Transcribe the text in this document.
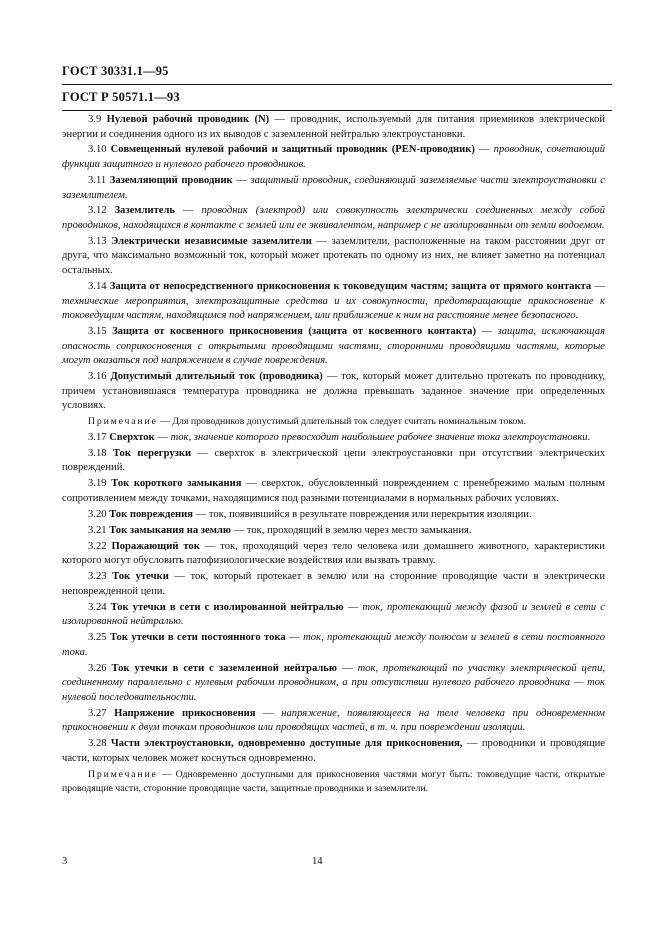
ГОСТ 30331.1—95
ГОСТ Р 50571.1—93

3.9 Нулевой рабочий проводник (N) — проводник, используемый для питания приемников электрической энергии и соединения одного из их выводов с заземленной нейтралью электроустановки.

3.10 Совмещенный нулевой рабочий и защитный проводник (PEN-проводник) — проводник, сочетающий функции защитного и нулевого рабочего проводников.

3.11 Заземляющий проводник — защитный проводник, соединяющий заземляемые части электроустановки с заземлителем.

3.12 Заземлитель — проводник (электрод) или совокупность электрически соединенных между собой проводников, находящихся в контакте с землей или ее эквивалентом, например с не изолированным от земли водоемом.

3.13 Электрически независимые заземлители — заземлители, расположенные на таком расстоянии друг от друга, что максимально возможный ток, который может протекать по одному из них, не влияет заметно на потенциал остальных.

3.14 Защита от непосредственного прикосновения к токоведущим частям; защита от прямого контакта — технические мероприятия, электрозащитные средства и их совокупности, предотвращающие прикосновение к токоведущим частям, находящимся под напряжением, или приближение к ним на расстояние менее безопасного.

3.15 Защита от косвенного прикосновения (защита от косвенного контакта) — защита, исключающая опасность соприкосновения с открытыми проводящими частями, сторонними проводящими частями, которые могут оказаться под напряжением в случае повреждения.

3.16 Допустимый длительный ток (проводника) — ток, который может длительно протекать по проводнику, причем установившаяся температура проводника не должна превышать заданное значение при определенных условиях.

Примечание — Для проводников допустимый длительный ток следует считать номинальным током.

3.17 Сверхток — ток, значение которого превосходит наибольшее рабочее значение тока электроустановки.

3.18 Ток перегрузки — сверхток в электрической цепи электроустановки при отсутствии электрических повреждений.

3.19 Ток короткого замыкания — сверхток, обусловленный повреждением с пренебрежимо малым полным сопротивлением между точками, находящимися под разными потенциалами в нормальных рабочих условиях.

3.20 Ток повреждения — ток, появившийся в результате повреждения или перекрытия изоляции.

3.21 Ток замыкания на землю — ток, проходящий в землю через место замыкания.

3.22 Поражающий ток — ток, проходящий через тело человека или домашнего животного, характеристики которого могут обусловить патофизиологические воздействия или вызвать травму.

3.23 Ток утечки — ток, который протекает в землю или на сторонние проводящие части в электрически неповрежденной цепи.

3.24 Ток утечки в сети с изолированной нейтралью — ток, протекающий между фазой и землей в сети с изолированной нейтралью.

3.25 Ток утечки в сети постоянного тока — ток, протекающий между полюсом и землей в сети постоянного тока.

3.26 Ток утечки в сети с заземленной нейтралью — ток, протекающий по участку электрической цепи, соединенному параллельно с нулевым рабочим проводником, а при отсутствии нулевого рабочего проводника — ток нулевой последовательности.

3.27 Напряжение прикосновения — напряжение, появляющееся на теле человека при одновременном прикосновении к двум точкам проводников или проводящих частей, в т. ч. при повреждении изоляции.

3.28 Части электроустановки, одновременно доступные для прикосновения, — проводники и проводящие части, которых человек может коснуться одновременно.

Примечание — Одновременно доступными для прикосновения частями могут быть: токоведущие части, открытые проводящие части, сторонние проводящие части, защитные проводники и заземлители.

3	14
